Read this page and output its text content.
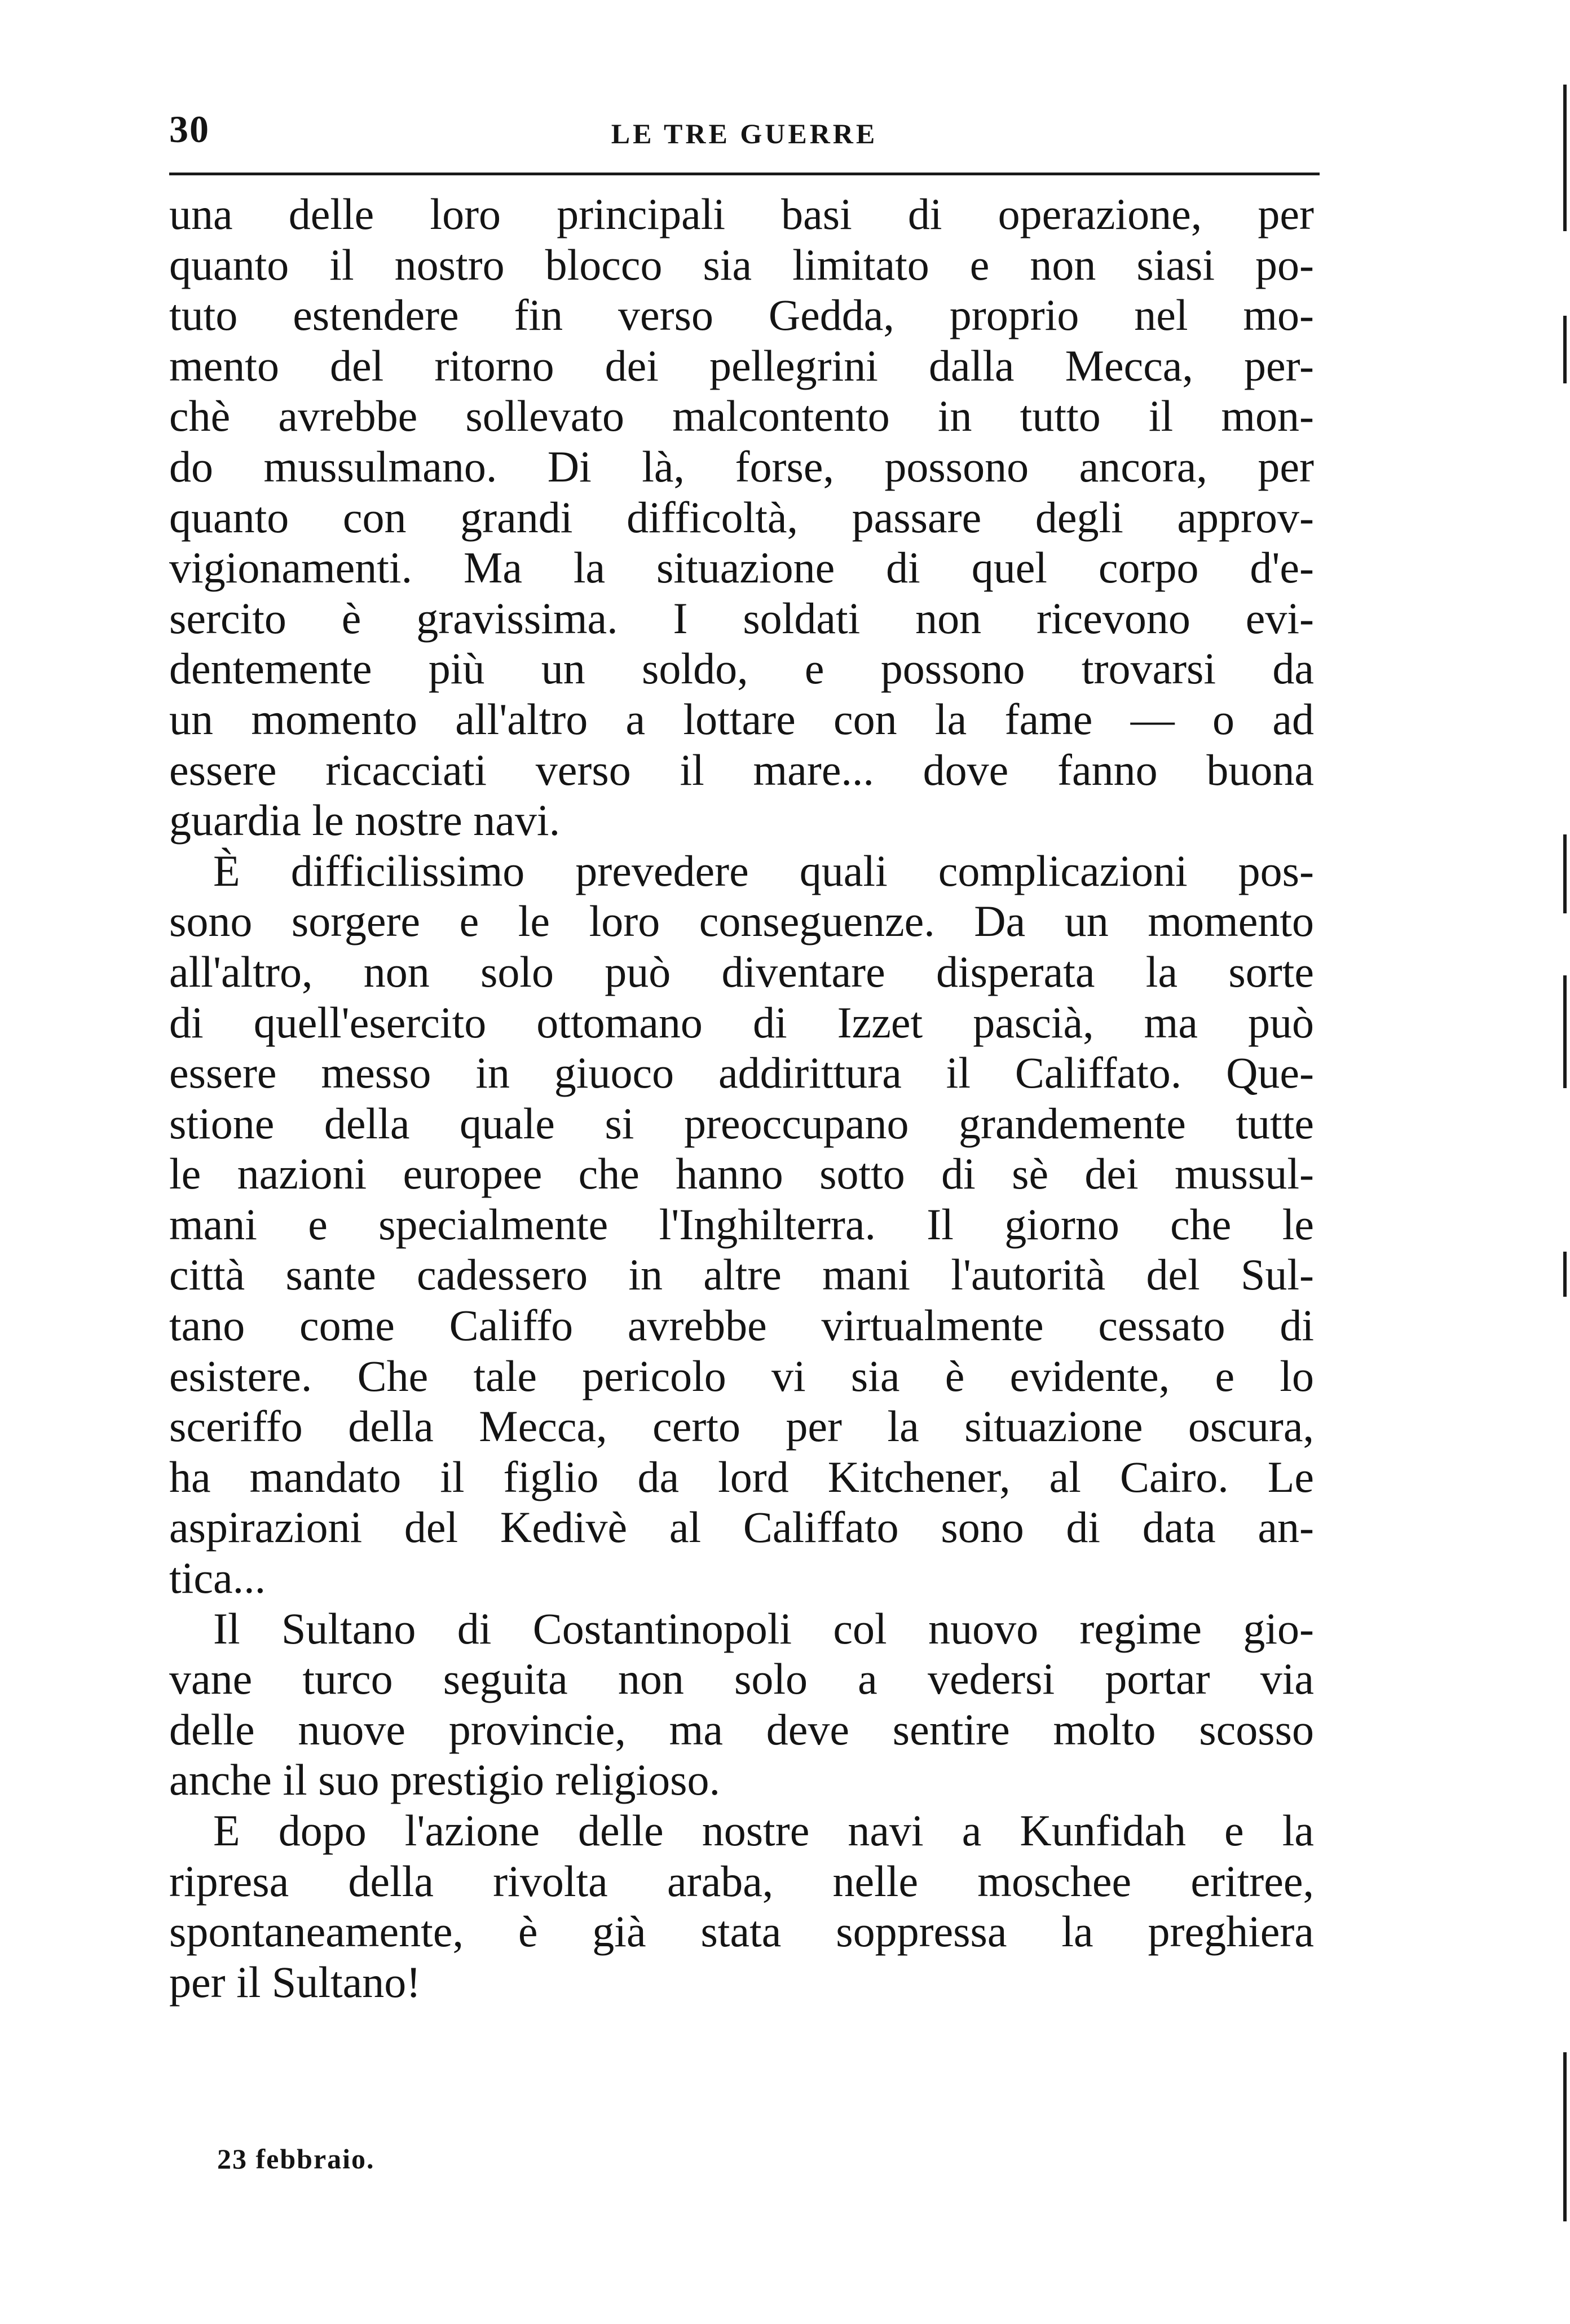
30	LE TRE GUERRE
una delle loro principali basi di operazione, per
quanto il nostro blocco sia limitato e non siasi po-
tuto estendere fin verso Gedda, proprio nel mo-
mento del ritorno dei pellegrini dalla Mecca, per-
chè avrebbe sollevato malcontento in tutto il mon-
do mussulmano. Di là, forse, possono ancora, per
quanto con grandi difficoltà, passare degli approv-
vigionamenti. Ma la situazione di quel corpo d'e-
sercito è gravissima. I soldati non ricevono evi-
dentemente più un soldo, e possono trovarsi da
un momento all'altro a lottare con la fame — o ad
essere ricacciati verso il mare... dove fanno buona
guardia le nostre navi.
È difficilissimo prevedere quali complicazioni pos-
sono sorgere e le loro conseguenze. Da un momento
all'altro, non solo può diventare disperata la sorte
di quell'esercito ottomano di Izzet pascià, ma può
essere messo in giuoco addirittura il Califfato. Que-
stione della quale si preoccupano grandemente tutte
le nazioni europee che hanno sotto di sè dei mussul-
mani e specialmente l'Inghilterra. Il giorno che le
città sante cadessero in altre mani l'autorità del Sul-
tano come Califfo avrebbe virtualmente cessato di
esistere. Che tale pericolo vi sia è evidente, e lo
sceriffo della Mecca, certo per la situazione oscura,
ha mandato il figlio da lord Kitchener, al Cairo. Le
aspirazioni del Kedivè al Califfato sono di data an-
tica...
Il Sultano di Costantinopoli col nuovo regime gio-
vane turco seguita non solo a vedersi portar via
delle nuove provincie, ma deve sentire molto scosso
anche il suo prestigio religioso.
E dopo l'azione delle nostre navi a Kunfidah e la
ripresa della rivolta araba, nelle moschee eritree,
spontaneamente, è già stata soppressa la preghiera
per il Sultano!
23 febbraio.
